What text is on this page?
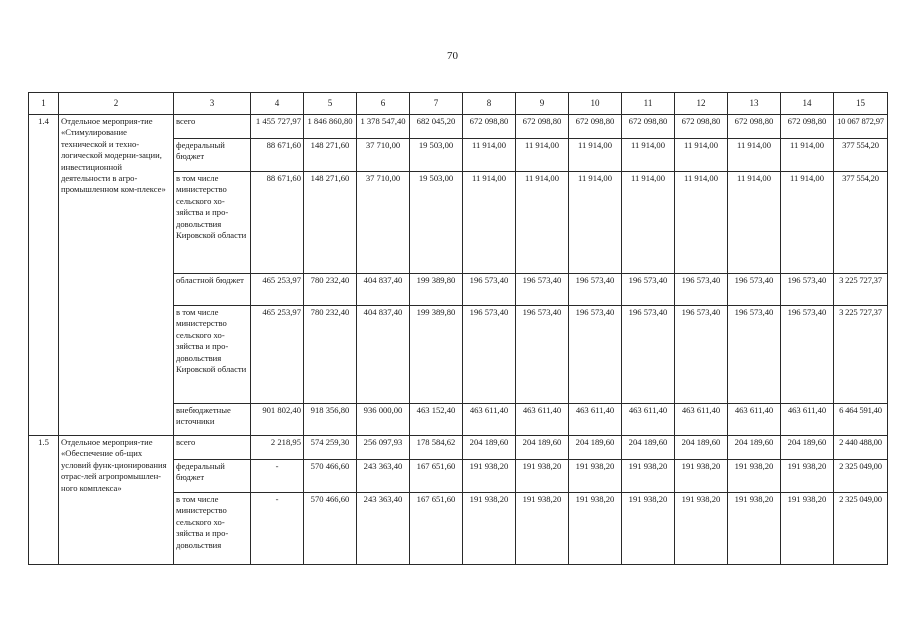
70
1	2	3	4	5	6	7	8	9	10	11	12	13	14	15
1.4	Отдельное мероприя-тие «Стимулирование технической и техно-логической модерни-зации, инвестиционной деятельности в агро-промышленном ком-плексе»	всего	1 455 727,97	1 846 860,80	1 378 547,40	682 045,20	672 098,80	672 098,80	672 098,80	672 098,80	672 098,80	672 098,80	672 098,80	10 067 872,97
		федеральный бюджет	88 671,60	148 271,60	37 710,00	19 503,00	11 914,00	11 914,00	11 914,00	11 914,00	11 914,00	11 914,00	11 914,00	377 554,20
		в том числе министерство сельского хо-зяйства и про-довольствия Кировской области	88 671,60	148 271,60	37 710,00	19 503,00	11 914,00	11 914,00	11 914,00	11 914,00	11 914,00	11 914,00	11 914,00	377 554,20
		областной бюджет	465 253,97	780 232,40	404 837,40	199 389,80	196 573,40	196 573,40	196 573,40	196 573,40	196 573,40	196 573,40	196 573,40	3 225 727,37
		в том числе министерство сельского хо-зяйства и про-довольствия Кировской области	465 253,97	780 232,40	404 837,40	199 389,80	196 573,40	196 573,40	196 573,40	196 573,40	196 573,40	196 573,40	196 573,40	3 225 727,37
		внебюджетные источники	901 802,40	918 356,80	936 000,00	463 152,40	463 611,40	463 611,40	463 611,40	463 611,40	463 611,40	463 611,40	463 611,40	6 464 591,40
1.5	Отдельное мероприя-тие «Обеспечение об-щих условий функ-ционирования отрас-лей агропромышлен-ного комплекса»	всего	2 218,95	574 259,30	256 097,93	178 584,62	204 189,60	204 189,60	204 189,60	204 189,60	204 189,60	204 189,60	204 189,60	2 440 488,00
		федеральный бюджет	-	570 466,60	243 363,40	167 651,60	191 938,20	191 938,20	191 938,20	191 938,20	191 938,20	191 938,20	191 938,20	2 325 049,00
		в том числе министерство сельского хо-зяйства и про-довольствия	-	570 466,60	243 363,40	167 651,60	191 938,20	191 938,20	191 938,20	191 938,20	191 938,20	191 938,20	191 938,20	2 325 049,00
